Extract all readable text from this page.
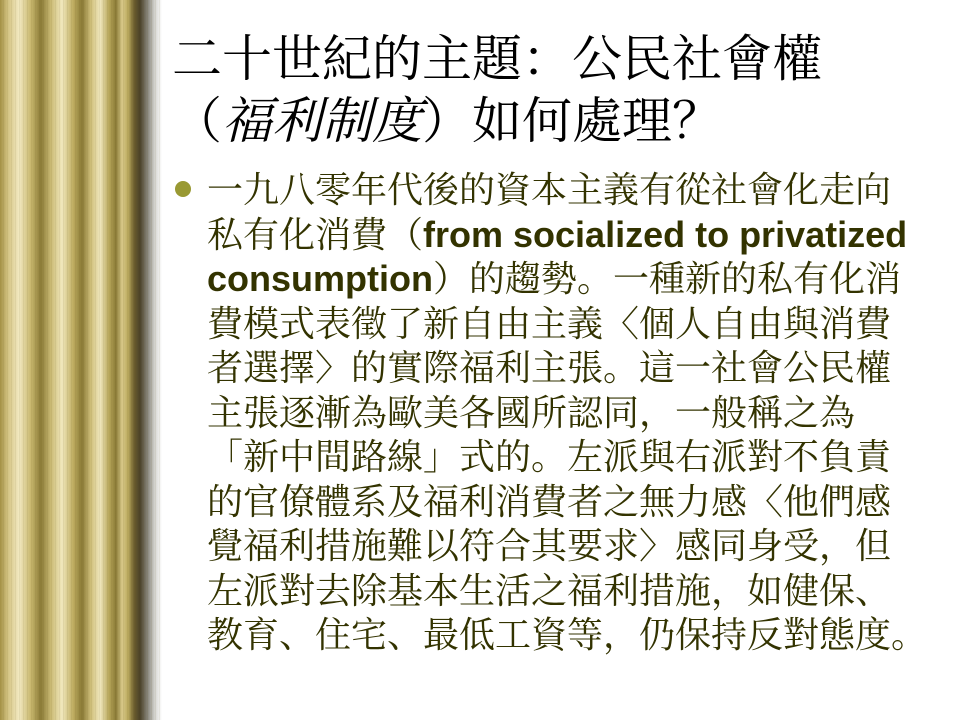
二十世紀的主題：公民社會權
（福利制度）如何處理？
一九八零年代後的資本主義有從社會化走向
私有化消費（from socialized to privatized
consumption）的趨勢。一種新的私有化消
費模式表徵了新自由主義〈個人自由與消費
者選擇〉的實際福利主張。這一社會公民權
主張逐漸為歐美各國所認同，一般稱之為
「新中間路線」式的。左派與右派對不負責
的官僚體系及福利消費者之無力感〈他們感
覺福利措施難以符合其要求〉感同身受，但
左派對去除基本生活之福利措施，如健保、
教育、住宅、最低工資等，仍保持反對態度。
